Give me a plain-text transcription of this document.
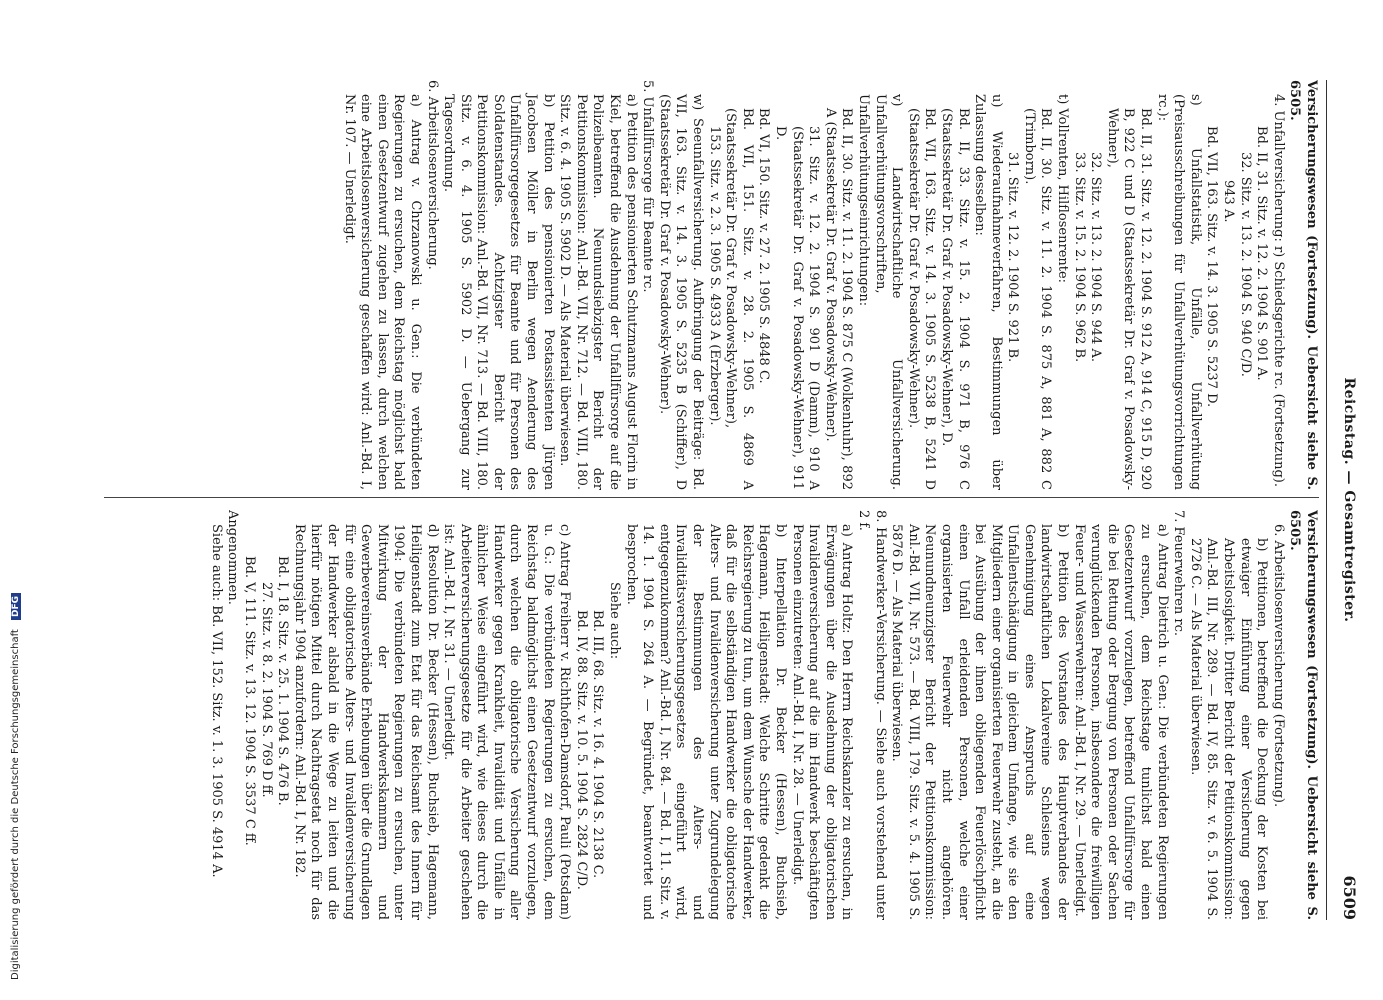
Reichstag. — Gesamtregister.
6509

Versicherungswesen (Fortsetzung). Uebersicht siehe S. 6505.

4. Unfallversicherung: r) Schiedsgerichte rc. (Fortsetzung).

Bd. II, 31. Sitz. v. 12. 2. 1904 S. 901 A.

32. Sitz. v. 13. 2. 1904 S. 940 C/D.

943 A.

Bd. VII, 163. Sitz. v. 14. 3. 1905 S. 5237 D.

s) Unfallstatistik, Unfälle, Unfallverhütung (Preisausschreibungen für Unfallverhütungsvorrichtungen rc.):

Bd. II, 31. Sitz. v. 12. 2. 1904 S. 912 A, 914 C, 915 D, 920 B, 922 C und D (Staatssekretär Dr. Graf v. Posadowsky-Wehner),

32. Sitz. v. 13. 2. 1904 S. 944 A.

33. Sitz. v. 15. 2. 1904 S. 962 B.

t) Vollrenten, Hilflosenrente:

Bd. II, 30. Sitz. v. 11. 2. 1904 S. 875 A, 881 A, 882 C (Trimborn).

31. Sitz. v. 12. 2. 1904 S. 921 B.

u) Wiederaufnahmeverfahren, Bestimmungen über Zulassung desselben:

Bd. II, 33. Sitz. v. 15. 2. 1904 S. 971 B, 976 C (Staatssekretär Dr. Graf v. Posadowsky-Wehner), D.

Bd. VII, 163. Sitz. v. 14. 3. 1905 S. 5238 B, 5241 D (Staatssekretär Dr. Graf v. Posadowsky-Wehner).

v) Landwirtschaftliche Unfallversicherung. Unfallverhütungsvorschriften, Unfallverhütungseinrichtungen:

Bd. II, 30. Sitz. v. 11. 2. 1904 S. 875 C (Wolkenhuhr), 892 A (Staatssekretär Dr. Graf v. Posadowsky-Wehner).

31. Sitz. v. 12. 2. 1904 S. 901 D (Damm), 910 A (Staatssekretär Dr. Graf v. Posadowsky-Wehner), 911 D.

Bd. VI, 150. Sitz. v. 27. 2. 1905 S. 4848 C.

Bd. VII, 151. Sitz. v. 28. 2. 1905 S. 4869 A (Staatssekretär Dr. Graf v. Posadowsky-Wehner),

153. Sitz. v. 2. 3. 1905 S. 4933 A (Erzberger).

w) Seeunfallversicherung. Aufbringung der Beiträge: Bd. VII, 163. Sitz. v. 14. 3. 1905 S. 5235 B (Schiffer), D (Staatssekretär Dr. Graf v. Posadowsky-Wehner).

5. Unfallfürsorge für Beamte rc.

a) Petition des pensionierten Schutzmanns August Florin in Kiel, betreffend die Ausdehnung der Unfallfürsorge auf die Polizeibeamten. Neunundsiebzigster Bericht der Petitionskommission: Anl.-Bd. VII, Nr. 712. — Bd. VIII, 180. Sitz. v. 6. 4. 1905 S. 5902 D. — Als Material überwiesen.

b) Petition des pensionierten Postassistenten Jürgen Jacobsen Möller in Berlin wegen Aenderung des Unfallfürsorgegesetzes für Beamte und für Personen des Soldatenstandes. Achtzigster Bericht der Petitionskommission: Anl.-Bd. VII, Nr. 713. — Bd. VIII, 180. Sitz. v. 6. 4. 1905 S. 5902 D. — Uebergang zur Tagesordnung.

6. Arbeitslosenversicherung.

a) Antrag v. Chrzanowski u. Gen.: Die verbündeten Regierungen zu ersuchen, dem Reichstag möglichst bald einen Gesetzentwurf zugehen zu lassen, durch welchen eine Arbeitslosenversicherung geschaffen wird: Anl.-Bd. I, Nr. 107. — Unerledigt.

Versicherungswesen (Fortsetzung). Uebersicht siehe S. 6505.

6. Arbeitslosenversicherung (Fortsetzung).

b) Petitionen, betreffend die Deckung der Kosten bei etwaiger Einführung einer Versicherung gegen Arbeitslosigkeit. Dritter Bericht der Petitionskommission: Anl.-Bd. III, Nr. 289. — Bd. IV, 85. Sitz. v. 6. 5. 1904 S. 2726 C. — Als Material überwiesen.

7. Feuerwehren rc.

a) Antrag Dietrich u. Gen.: Die verbündeten Regierungen zu ersuchen, dem Reichstage tunlichst bald einen Gesetzentwurf vorzulegen, betreffend Unfallfürsorge für die bei Rettung oder Bergung von Personen oder Sachen verunglückenden Personen, insbesondere die freiwilligen Feuer- und Wasserwehren: Anl.-Bd. I, Nr. 29. — Unerledigt.

b) Petition des Vorstandes des Hauptverbandes der landwirtschaftlichen Lokalvereine Schlesiens wegen Genehmigung eines Anspruchs auf eine Unfallentschädigung in gleichem Umfange, wie sie den Mitgliedern einer organisierten Feuerwehr zusteht, an die bei Ausübung der ihnen obliegenden Feuerlöschpflicht einen Unfall erleidenden Personen, welche einer organisierten Feuerwehr nicht angehören. Neunundneunzigster Bericht der Petitionskommission: Anl.-Bd. VII, Nr. 573. — Bd. VIII, 179. Sitz. v. 5. 4. 1905 S. 5876 D. — Als Material überwiesen.

8. Handwerker-Versicherung. — Siehe auch vorstehend unter 2 f.

a) Antrag Holtz: Den Herrn Reichskanzler zu ersuchen, in Erwägungen über die Ausdehnung der obligatorischen Invalidenversicherung auf die im Handwerk beschäftigten Personen einzutreten: Anl.-Bd. I, Nr. 28. — Unerledigt.

b) Interpellation Dr. Becker (Hessen), Buchsieb, Hagemann, Heiligenstadt: Welche Schritte gedenkt die Reichsregierung zu tun, um dem Wunsche der Handwerker, daß für die selbständigen Handwerker die obligatorische Alters- und Invalidenversicherung unter Zugrundelegung der Bestimmungen des Alters- und Invaliditätsversicherungsgesetzes eingeführt wird, entgegenzukommen? Anl.-Bd. I, Nr. 84. — Bd. I, 11. Sitz. v. 14. 1. 1904 S. 264 A. — Begründet, beantwortet und besprochen.

Siehe auch:

Bd. III, 68. Sitz. v. 16. 4. 1904 S. 2138 C.

Bd. IV, 88. Sitz. v. 10. 5. 1904 S. 2824 C/D.

c) Antrag Freiherr v. Richthofen-Damsdorf, Pauli (Potsdam) u. G.: Die verbündeten Regierungen zu ersuchen, dem Reichstag baldmöglichst einen Gesetzentwurf vorzulegen, durch welchen die obligatorische Versicherung aller Handwerker gegen Krankheit, Invalidität und Unfälle in ähnlicher Weise eingeführt wird, wie dieses durch die Arbeiterversicherungsgesetze für die Arbeiter geschehen ist: Anl.-Bd. I, Nr. 31. — Unerledigt.

d) Resolution Dr. Becker (Hessen), Buchsieb, Hagemann, Heiligenstadt zum Etat für das Reichsamt des Innern für 1904: Die verbündeten Regierungen zu ersuchen, unter Mitwirkung der Handwerkskammern und Gewerbevereinsverbände Erhebungen über die Grundlagen für eine obligatorische Alters- und Invalidenversicherung der Handwerker alsbald in die Wege zu leiten und die hierfür nötigen Mittel durch Nachtragsetat noch für das Rechnungsjahr 1904 anzufordern: Anl.-Bd. I, Nr. 182.

Bd. I, 18. Sitz. v. 25. 1. 1904 S. 476 B.

27. Sitz. v. 8. 2. 1904 S. 769 D ff.

Bd. V, 111. Sitz. v. 13. 12. 1904 S. 3537 C ff.

Angenommen.

Siehe auch: Bd. VII, 152. Sitz. v. 1. 3. 1905 S. 4914 A.

Digitalisierung gefördert durch die Deutsche Forschungsgemeinschaft DFG
